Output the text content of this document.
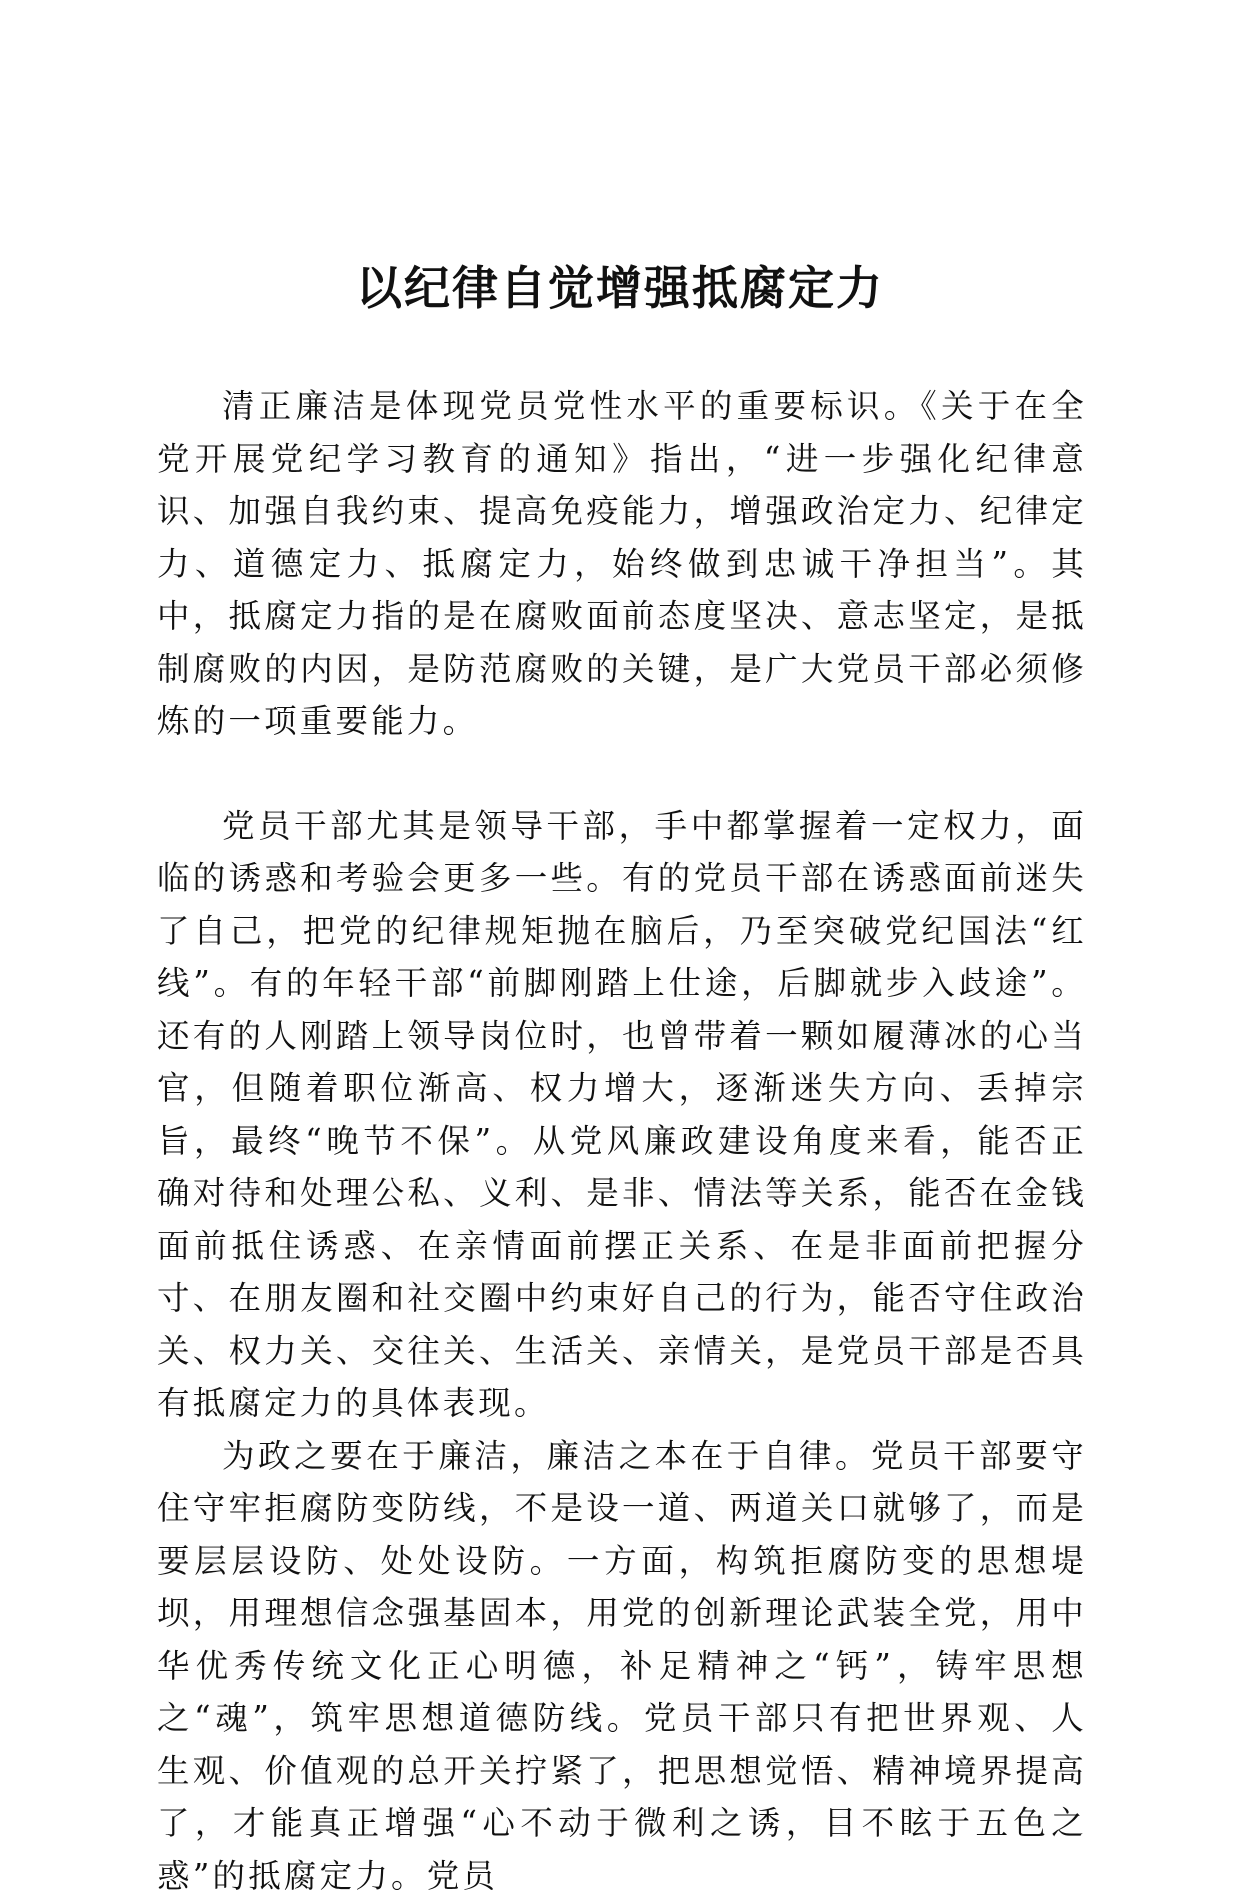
以纪律自觉增强抵腐定力

清正廉洁是体现党员党性水平的重要标识。《关于在全党开展党纪学习教育的通知》指出，“进一步强化纪律意识、加强自我约束、提高免疫能力，增强政治定力、纪律定力、道德定力、抵腐定力，始终做到忠诚干净担当”。其中，抵腐定力指的是在腐败面前态度坚决、意志坚定，是抵制腐败的内因，是防范腐败的关键，是广大党员干部必须修炼的一项重要能力。

党员干部尤其是领导干部，手中都掌握着一定权力，面临的诱惑和考验会更多一些。有的党员干部在诱惑面前迷失了自己，把党的纪律规矩抛在脑后，乃至突破党纪国法“红线”。有的年轻干部“前脚刚踏上仕途，后脚就步入歧途”。还有的人刚踏上领导岗位时，也曾带着一颗如履薄冰的心当官，但随着职位渐高、权力增大，逐渐迷失方向、丢掉宗旨，最终“晚节不保”。从党风廉政建设角度来看，能否正确对待和处理公私、义利、是非、情法等关系，能否在金钱面前抵住诱惑、在亲情面前摆正关系、在是非面前把握分寸、在朋友圈和社交圈中约束好自己的行为，能否守住政治关、权力关、交往关、生活关、亲情关，是党员干部是否具有抵腐定力的具体表现。

为政之要在于廉洁，廉洁之本在于自律。党员干部要守住守牢拒腐防变防线，不是设一道、两道关口就够了，而是要层层设防、处处设防。一方面，构筑拒腐防变的思想堤坝，用理想信念强基固本，用党的创新理论武装全党，用中华优秀传统文化正心明德，补足精神之“钙”，铸牢思想之“魂”，筑牢思想道德防线。党员干部只有把世界观、人生观、价值观的总开关拧紧了，把思想觉悟、精神境界提高了，才能真正增强“心不动于微利之诱，目不眩于五色之惑”的抵腐定力。党员
